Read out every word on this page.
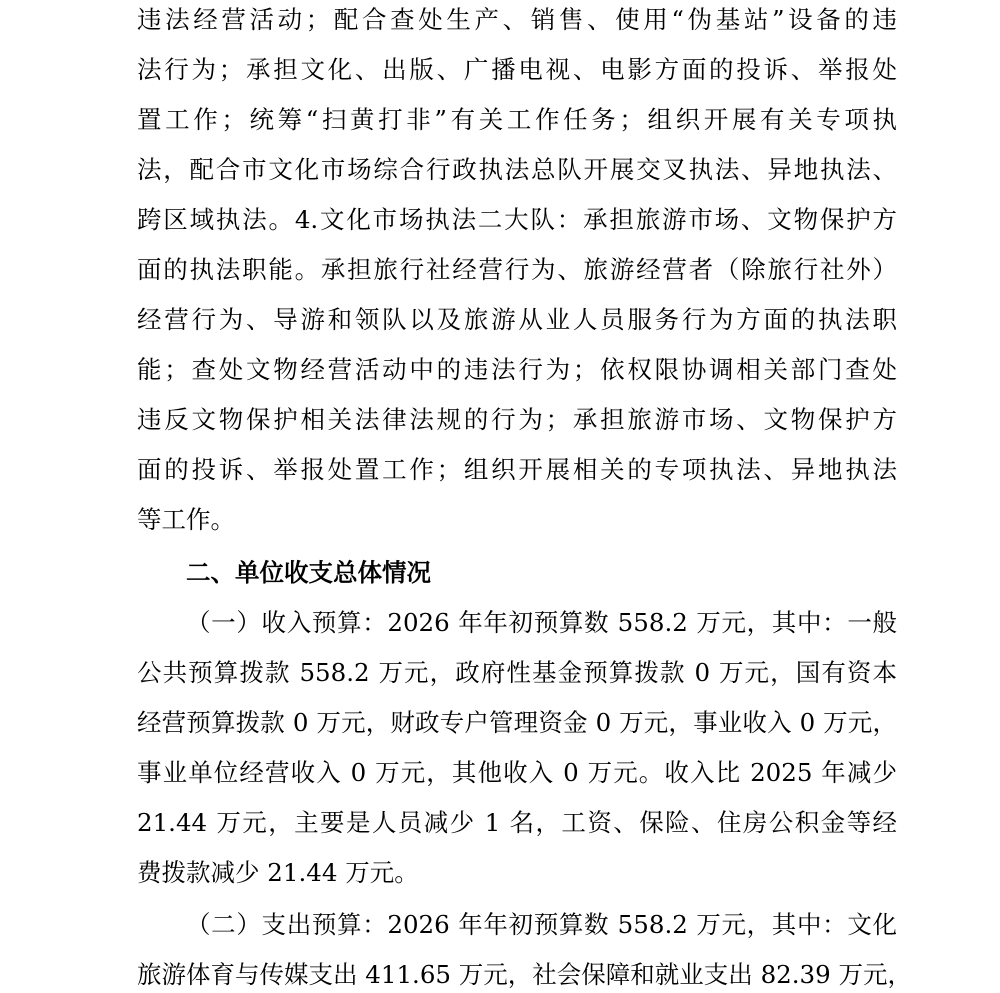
违法经营活动；配合查处生产、销售、使用“伪基站”设备的违
法行为；承担文化、出版、广播电视、电影方面的投诉、举报处
置工作；统筹“扫黄打非”有关工作任务；组织开展有关专项执
法，配合市文化市场综合行政执法总队开展交叉执法、异地执法、
跨区域执法。4.文化市场执法二大队：承担旅游市场、文物保护方
面的执法职能。承担旅行社经营行为、旅游经营者（除旅行社外）
经营行为、导游和领队以及旅游从业人员服务行为方面的执法职
能；查处文物经营活动中的违法行为；依权限协调相关部门查处
违反文物保护相关法律法规的行为；承担旅游市场、文物保护方
面的投诉、举报处置工作；组织开展相关的专项执法、异地执法
等工作。
二、单位收支总体情况
（一）收入预算：2026 年年初预算数 558.2 万元，其中：一般
公共预算拨款 558.2 万元，政府性基金预算拨款 0 万元，国有资本
经营预算拨款 0 万元，财政专户管理资金 0 万元，事业收入 0 万元，
事业单位经营收入 0 万元，其他收入 0 万元。收入比 2025 年减少
21.44 万元，主要是人员减少 1 名，工资、保险、住房公积金等经
费拨款减少 21.44 万元。
（二）支出预算：2026 年年初预算数 558.2 万元，其中：文化
旅游体育与传媒支出 411.65 万元，社会保障和就业支出 82.39 万元，
